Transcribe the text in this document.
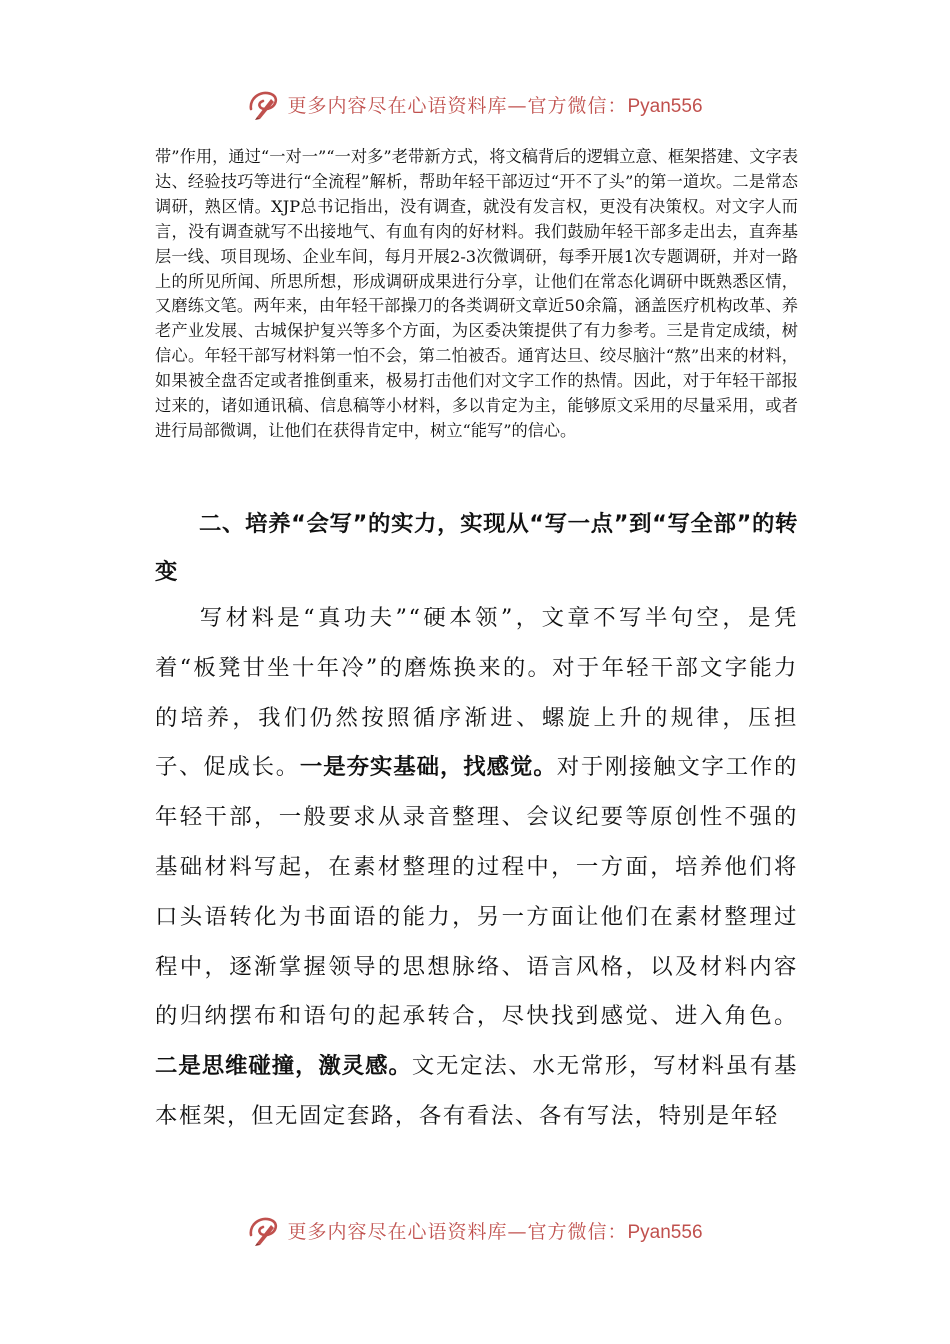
更多内容尽在心语资料库—官方微信：Pyan556
带”作用，通过“一对一”“一对多”老带新方式，将文稿背后的逻辑立意、框架搭建、文字表达、经验技巧等进行“全流程”解析，帮助年轻干部迈过“开不了头”的第一道坎。二是常态调研，熟区情。XJP总书记指出，没有调查，就没有发言权，更没有决策权。对文字人而言，没有调查就写不出接地气、有血有肉的好材料。我们鼓励年轻干部多走出去，直奔基层一线、项目现场、企业车间，每月开展2-3次微调研，每季开展1次专题调研，并对一路上的所见所闻、所思所想，形成调研成果进行分享，让他们在常态化调研中既熟悉区情，又磨练文笔。两年来，由年轻干部操刀的各类调研文章近50余篇，涵盖医疗机构改革、养老产业发展、古城保护复兴等多个方面，为区委决策提供了有力参考。三是肯定成绩，树信心。年轻干部写材料第一怕不会，第二怕被否。通宵达旦、绞尽脑汁“熬”出来的材料，如果被全盘否定或者推倒重来，极易打击他们对文字工作的热情。因此，对于年轻干部报过来的，诸如通讯稿、信息稿等小材料，多以肯定为主，能够原文采用的尽量采用，或者进行局部微调，让他们在获得肯定中，树立“能写”的信心。
二、培养“会写”的实力，实现从“写一点”到“写全部”的转变
写材料是“真功夫”“硬本领”，文章不写半句空，是凭着“板凳甘坐十年冷”的磨炼换来的。对于年轻干部文字能力的培养，我们仍然按照循序渐进、螺旋上升的规律，压担子、促成长。一是夯实基础，找感觉。对于刚接触文字工作的年轻干部，一般要求从录音整理、会议纪要等原创性不强的基础材料写起，在素材整理的过程中，一方面，培养他们将口头语转化为书面语的能力，另一方面让他们在素材整理过程中，逐渐掌握领导的思想脉络、语言风格，以及材料内容的归纳摆布和语句的起承转合，尽快找到感觉、进入角色。二是思维碰撞，激灵感。文无定法、水无常形，写材料虽有基本框架，但无固定套路，各有看法、各有写法，特别是年轻
更多内容尽在心语资料库—官方微信：Pyan556
